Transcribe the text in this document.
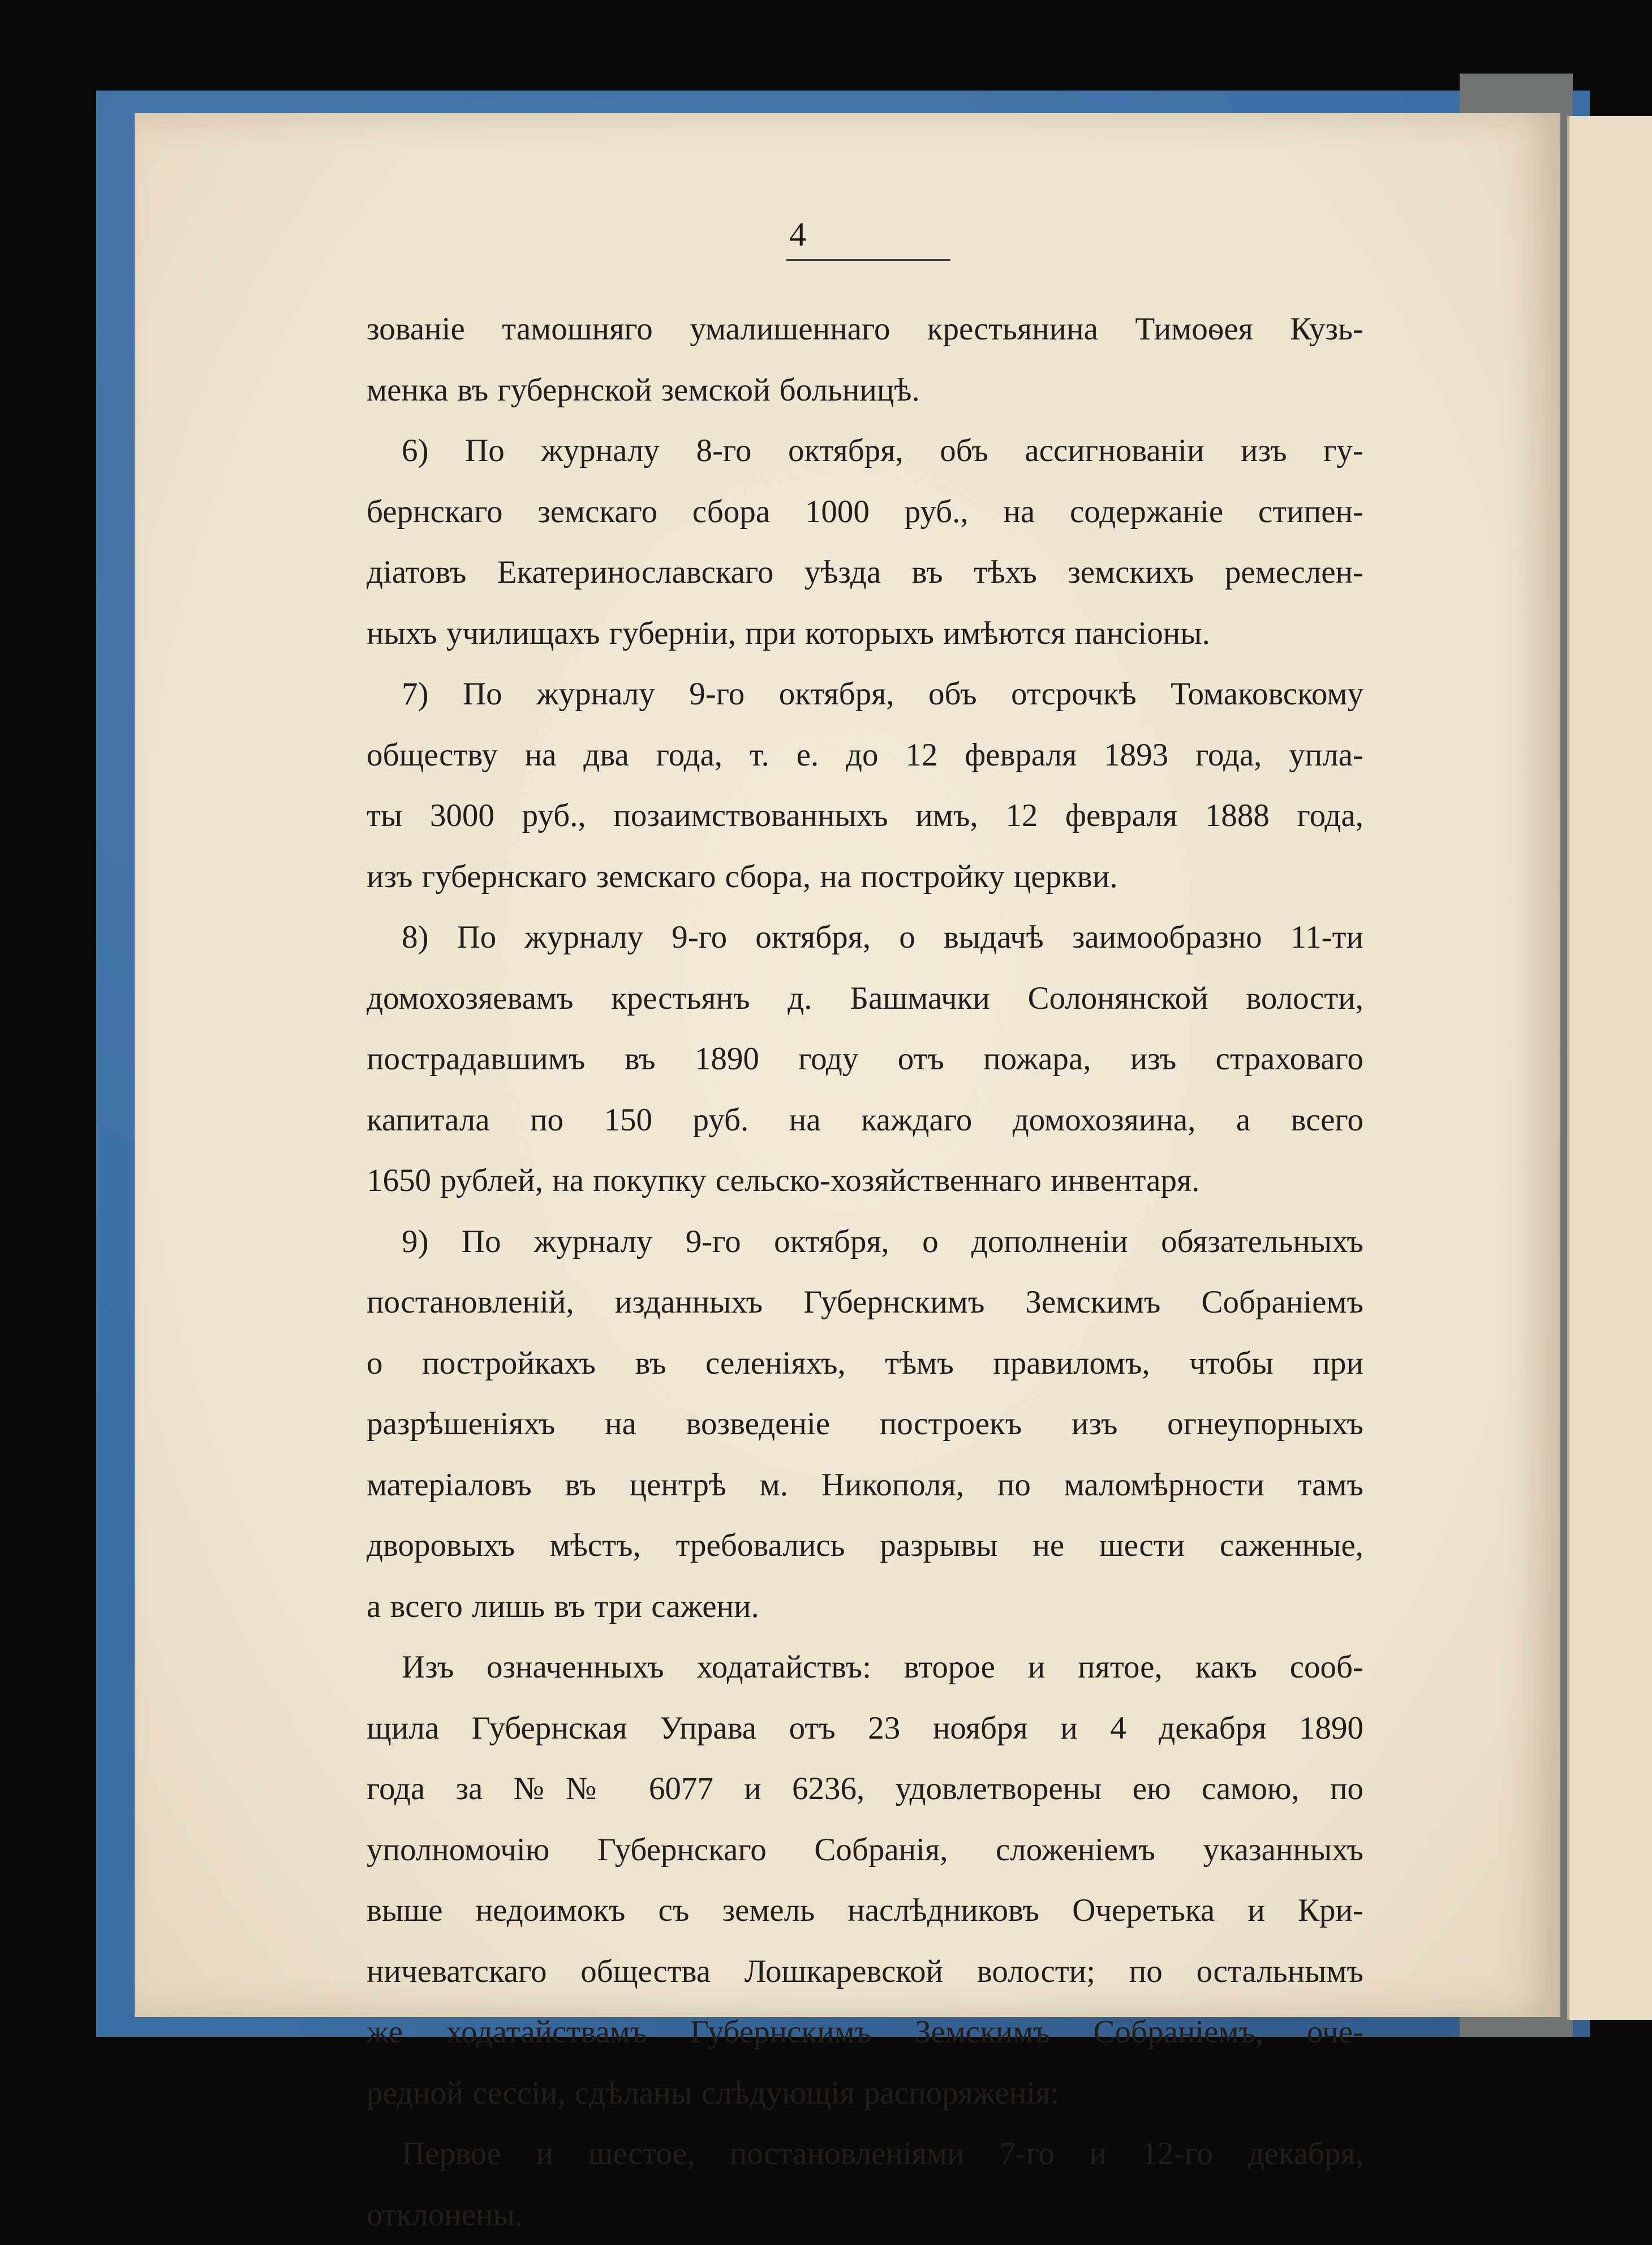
4

зованіе тамошняго умалишеннаго крестьянина Тимоѳея Кузь-

менка въ губернской земской больницѣ.

6) По журналу 8-го октября, объ ассигнованіи изъ гу-

бернскаго земскаго сбора 1000 руб., на содержаніе стипен-

діатовъ Екатеринославскаго уѣзда въ тѣхъ земскихъ ремеслен-

ныхъ училищахъ губерніи, при которыхъ имѣются пансіоны.

7) По журналу 9-го октября, объ отсрочкѣ Томаковскому

обществу на два года, т. е. до 12 февраля 1893 года, упла-

ты 3000 руб., позаимствованныхъ имъ, 12 февраля 1888 года,

изъ губернскаго земскаго сбора, на постройку церкви.

8) По журналу 9-го октября, о выдачѣ заимообразно 11-ти

домохозяевамъ крестьянъ д. Башмачки Солонянской волости,

пострадавшимъ въ 1890 году отъ пожара, изъ страховаго

капитала по 150 руб. на каждаго домохозяина, а всего

1650 рублей, на покупку сельско-хозяйственнаго инвентаря.

9) По журналу 9-го октября, о дополненіи обязательныхъ

постановленій, изданныхъ Губернскимъ Земскимъ Собраніемъ

о постройкахъ въ селеніяхъ, тѣмъ правиломъ, чтобы при

разрѣшеніяхъ на возведеніе построекъ изъ огнеупорныхъ

матеріаловъ въ центрѣ м. Никополя, по маломѣрности тамъ

дворовыхъ мѣстъ, требовались разрывы не шести саженные,

а всего лишь въ три сажени.

Изъ означенныхъ ходатайствъ: второе и пятое, какъ сооб-

щила Губернская Управа отъ 23 ноября и 4 декабря 1890

года за №№ 6077 и 6236, удовлетворены ею самою, по

уполномочію Губернскаго Собранія, сложеніемъ указанныхъ

выше недоимокъ съ земель наслѣдниковъ Очеретька и Кри-

ничеватскаго общества Лошкаревской волости; по остальнымъ

же ходатайствамъ Губернскимъ Земскимъ Собраніемъ, оче-

редной сессіи, сдѣланы слѣдующія распоряженія:

Первое и шестое, постановленіями 7-го и 12-го декабря,

отклонены.
